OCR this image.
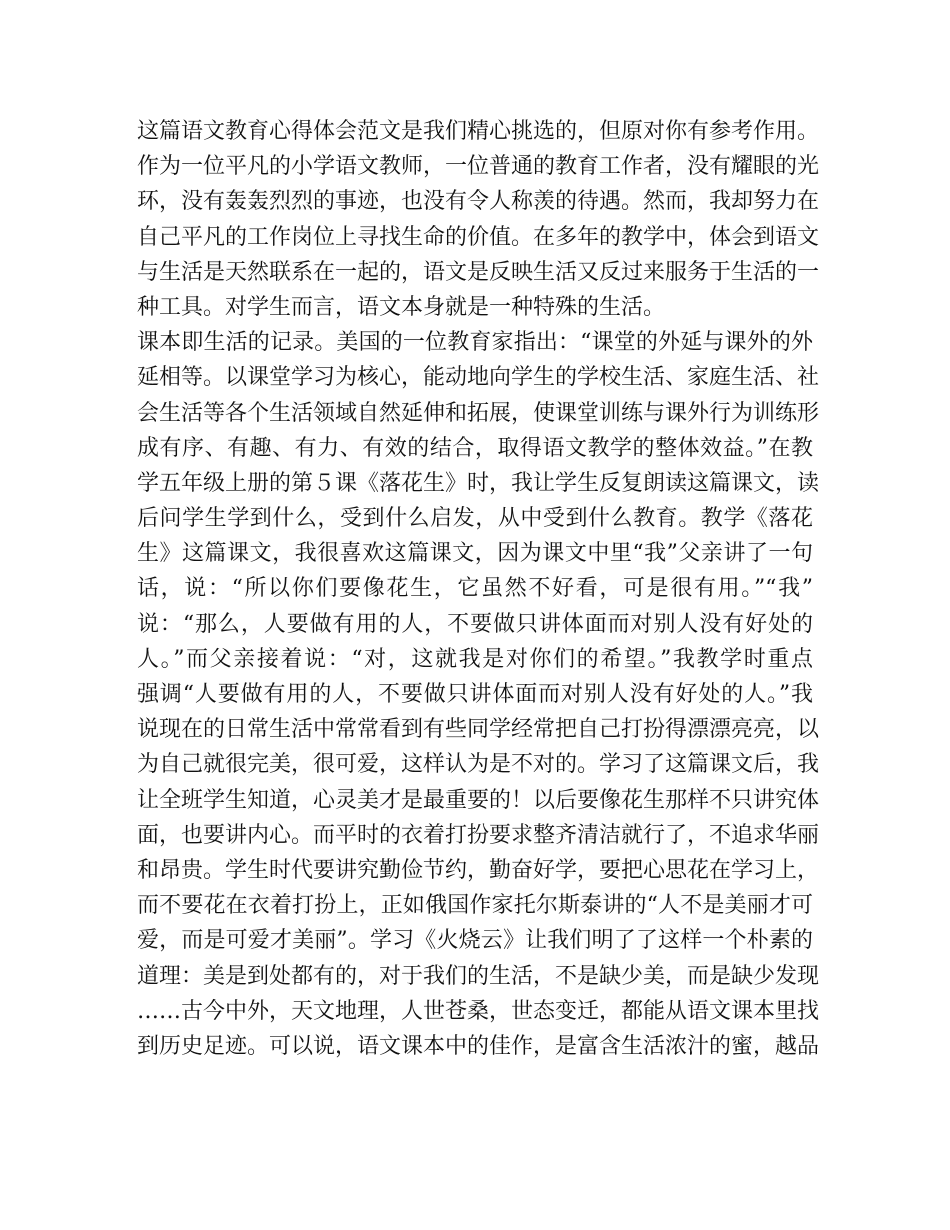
这篇语文教育心得体会范文是我们精心挑选的，但原对你有参考作用。
作为一位平凡的小学语文教师，一位普通的教育工作者，没有耀眼的光
环，没有轰轰烈烈的事迹，也没有令人称羡的待遇。然而，我却努力在
自己平凡的工作岗位上寻找生命的价值。在多年的教学中，体会到语文
与生活是天然联系在一起的，语文是反映生活又反过来服务于生活的一
种工具。对学生而言，语文本身就是一种特殊的生活。
课本即生活的记录。美国的一位教育家指出：“课堂的外延与课外的外
延相等。以课堂学习为核心，能动地向学生的学校生活、家庭生活、社
会生活等各个生活领域自然延伸和拓展，使课堂训练与课外行为训练形
成有序、有趣、有力、有效的结合，取得语文教学的整体效益。”在教
学五年级上册的第５课《落花生》时，我让学生反复朗读这篇课文，读
后问学生学到什么，受到什么启发，从中受到什么教育。教学《落花
生》这篇课文，我很喜欢这篇课文，因为课文中里“我”父亲讲了一句
话，说：“所以你们要像花生，它虽然不好看，可是很有用。”“我”
说：“那么，人要做有用的人，不要做只讲体面而对别人没有好处的
人。”而父亲接着说：“对，这就我是对你们的希望。”我教学时重点
强调“人要做有用的人，不要做只讲体面而对别人没有好处的人。”我
说现在的日常生活中常常看到有些同学经常把自己打扮得漂漂亮亮，以
为自己就很完美，很可爱，这样认为是不对的。学习了这篇课文后，我
让全班学生知道，心灵美才是最重要的！以后要像花生那样不只讲究体
面，也要讲内心。而平时的衣着打扮要求整齐清洁就行了，不追求华丽
和昂贵。学生时代要讲究勤俭节约，勤奋好学，要把心思花在学习上，
而不要花在衣着打扮上，正如俄国作家托尔斯泰讲的“人不是美丽才可
爱，而是可爱才美丽”。学习《火烧云》让我们明了了这样一个朴素的
道理：美是到处都有的，对于我们的生活，不是缺少美，而是缺少发现
……古今中外，天文地理，人世苍桑，世态变迁，都能从语文课本里找
到历史足迹。可以说，语文课本中的佳作，是富含生活浓汁的蜜，越品
